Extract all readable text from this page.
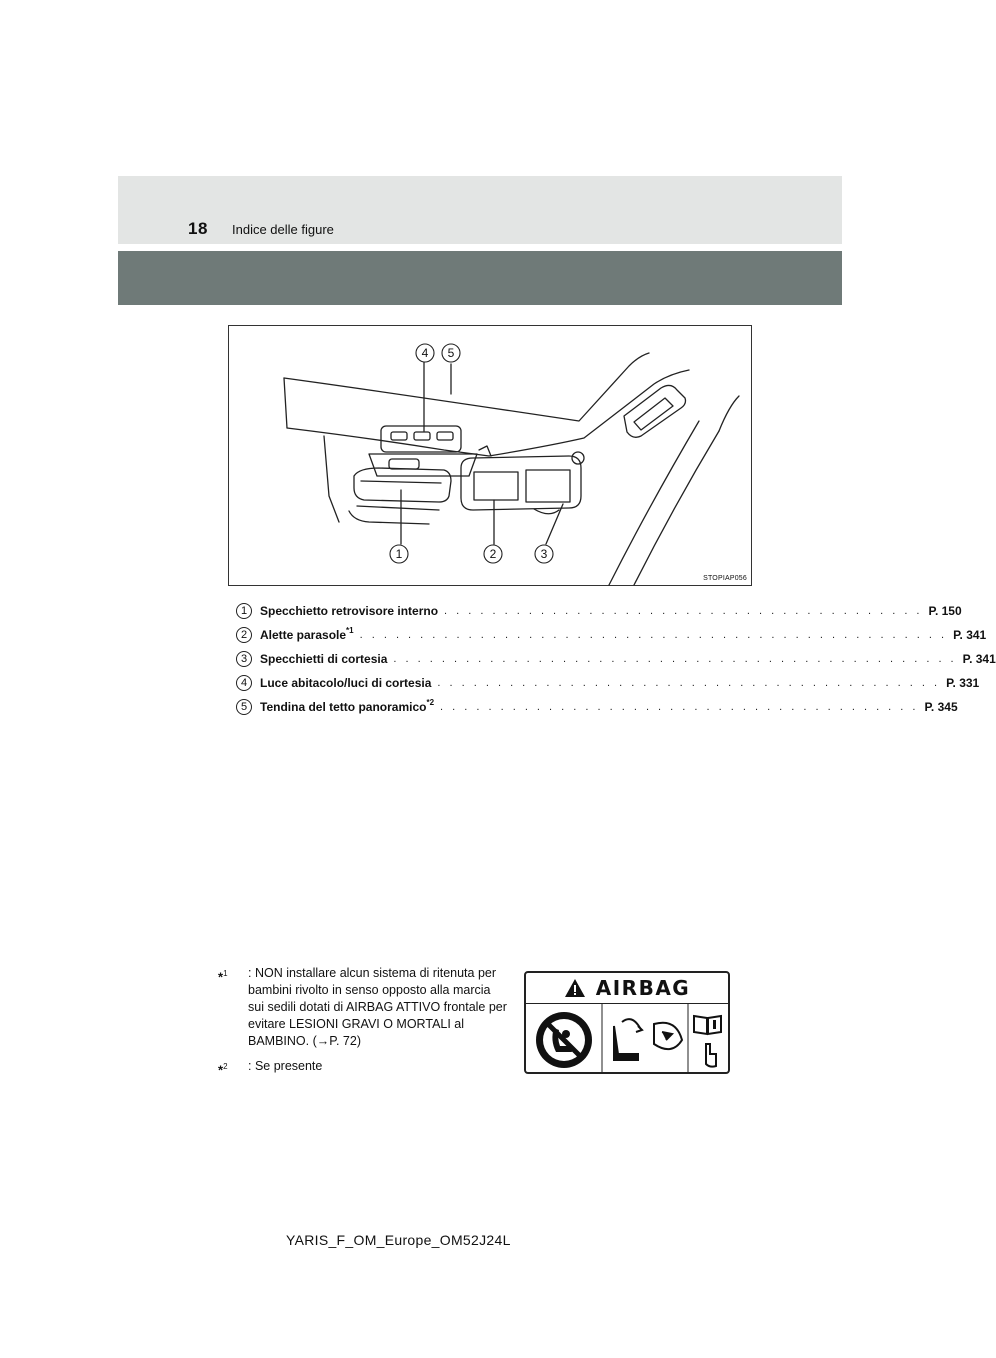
18 Indice delle figure
4 5
1	2	3
STOPIAP056
1	Specchietto retrovisore interno . . . . . . . . . . . . . . . . . . . . . . . . . . . . . . . . . . . . . . . . P. 150
2	Alette parasole$^{*1}$ . . . . . . . . . . . . . . . . . . . . . . . . . . . . . . . . . . . . . . . . . . . . . . . . . P. 341
3	Specchietti di cortesia . . . . . . . . . . . . . . . . . . . . . . . . . . . . . . . . . . . . . . . . . . . . . . . P. 341
4	Luce abitacolo/luci di cortesia . . . . . . . . . . . . . . . . . . . . . . . . . . . . . . . . . . . . . . . . . . P. 331
5	Tendina del tetto panoramico$^{*2}$ . . . . . . . . . . . . . . . . . . . . . . . . . . . . . . . . . . . . . . . . P. 345
*$^1$	: NON installare alcun sistema di ritenuta per bambini rivolto in senso opposto alla marcia sui sedili dotati di AIRBAG ATTIVO frontale per evitare LESIONI GRAVI O MORTALI al BAMBINO. (→P. 72)
*$^2$	: Se presente
AIRBAG
YARIS_F_OM_Europe_OM52J24L
